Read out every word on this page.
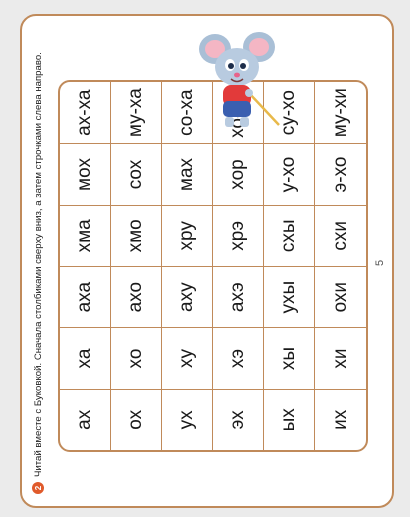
2
Читай вместе с Буковкой. Сначала столбиками сверху вниз, а затем строчками слева направо.	ах
ха
аха
хма
мох
ах-ха
ох
хо
ахо
хмо
сох
му-ха
ух
ху
аху
хру
мах
со-ха
эх
хэ
ахэ
хрэ
хор
ых
хы
ухы
схы
у-хо
су-хо
их
хи
охи
схи
э-хо
му-хи
5
